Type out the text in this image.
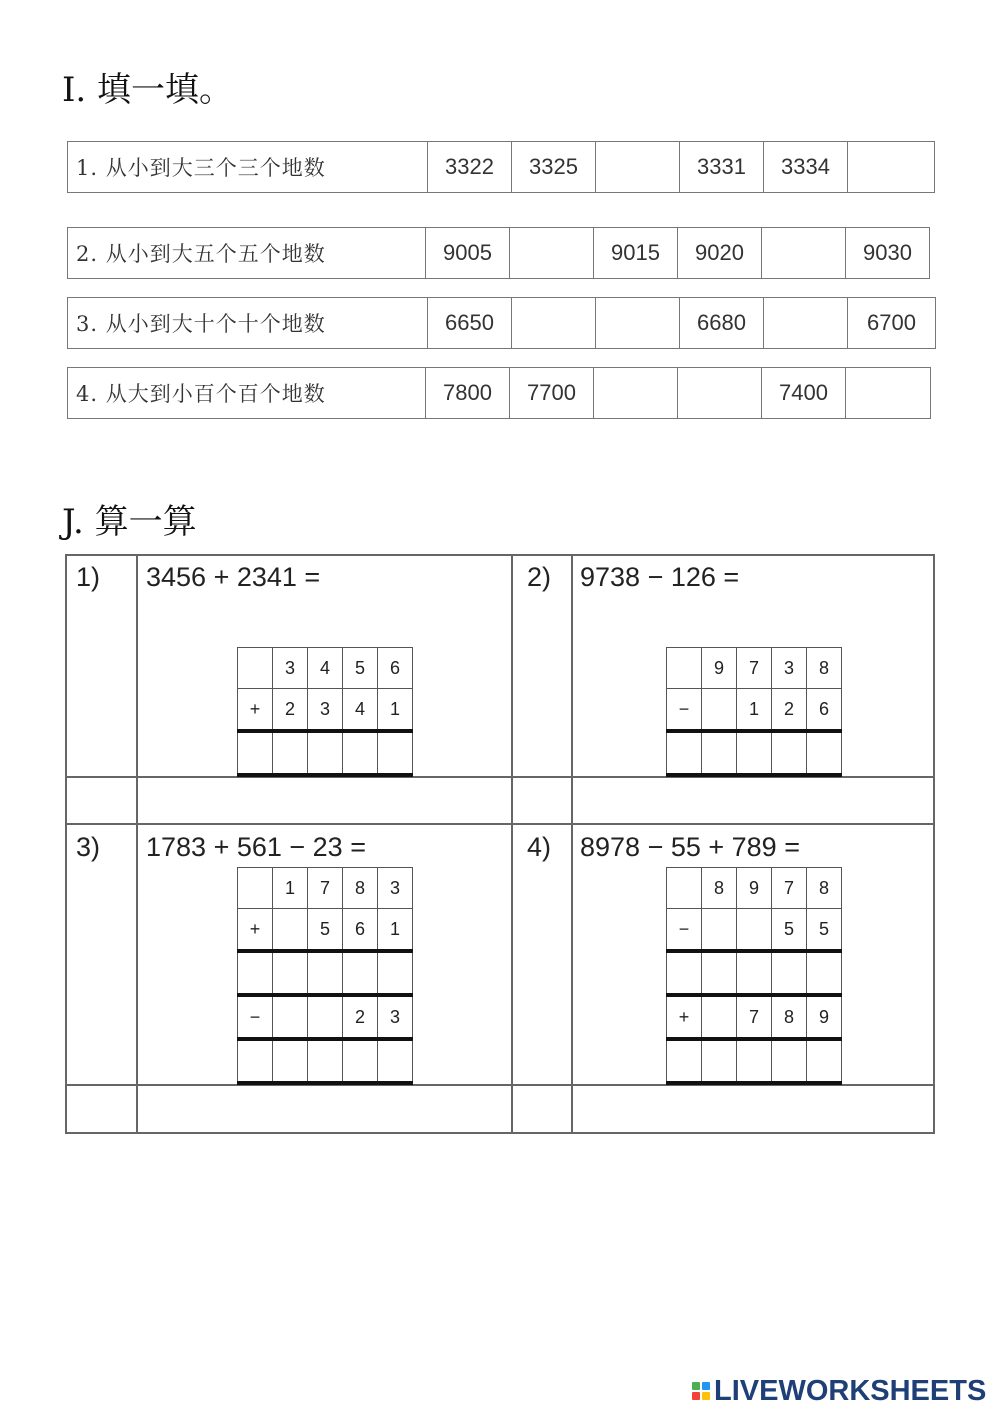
I. 填一填。
1. 从小到大三个三个地数	3322	3325		3331	3334	
2. 从小到大五个五个地数	9005		9015	9020		9030
3. 从小到大十个十个地数	6650			6680		6700
4. 从大到小百个百个地数	7800	7700			7400	
J. 算一算
1) 3456 + 2341 =
	3	4	5	6
+	2	3	4	1

2) 9738 − 126 =
	9	7	3	8
−		1	2	6

3) 1783 + 561 − 23 =
	1	7	8	3
+		5	6	1

−			2	3

4) 8978 − 55 + 789 =
	8	9	7	8
−			5	5

+		7	8	9

LIVEWORKSHEETS
